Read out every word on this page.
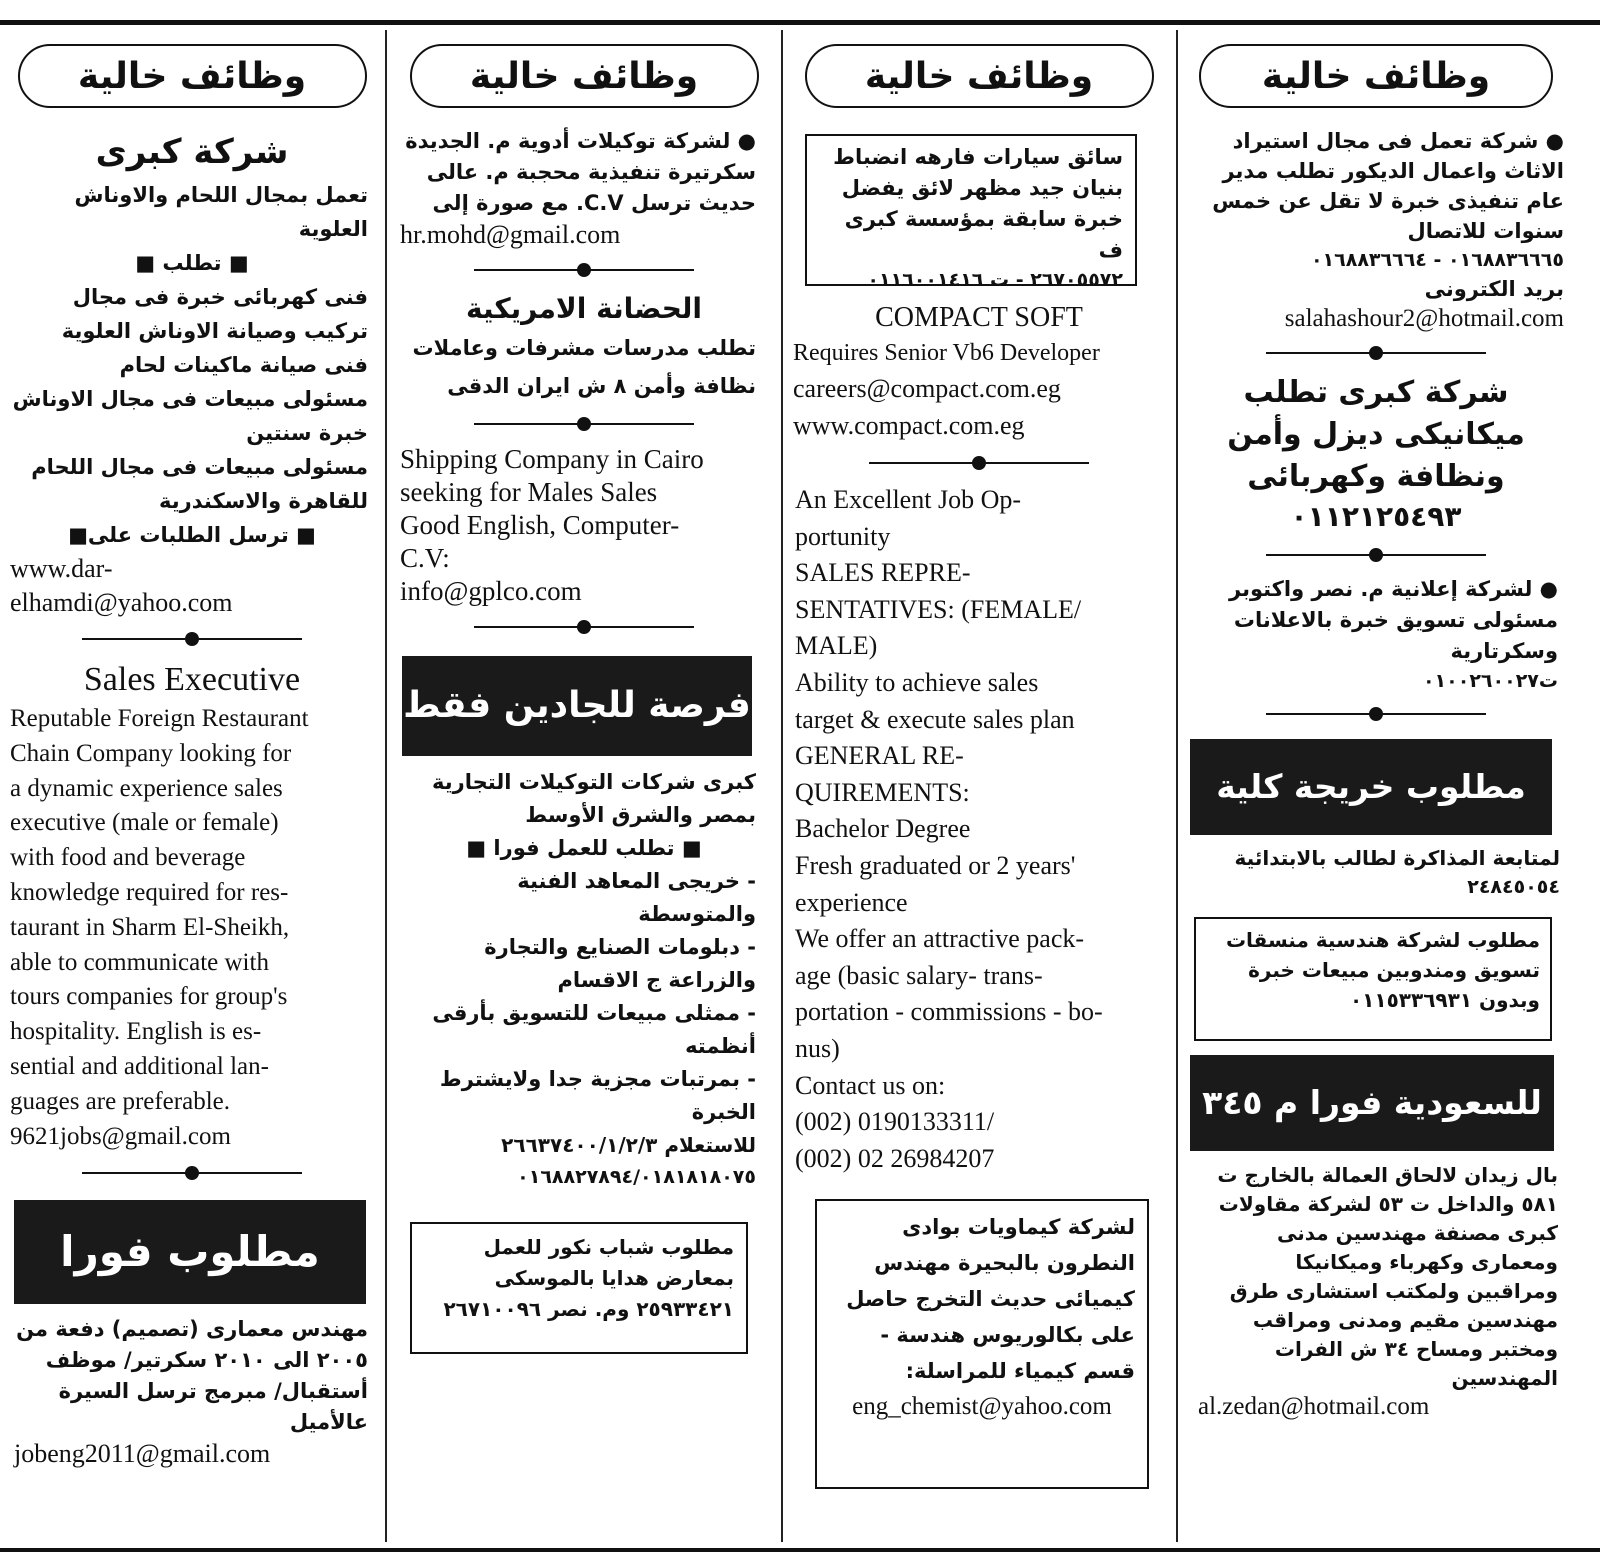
وظائف خالية
● شركة تعمل فى مجال استيراد الاثاث واعمال الديكور تطلب مدير عام تنفيذى خبرة لا تقل عن خمس سنوات للاتصال
٠١٦٨٨٣٦٦٦٥ - ٠١٦٨٨٣٦٦٦٤
بريد الكترونى
salahashour2@hotmail.com
شركة كبرى تطلب ميكانيكى ديزل وأمن ونظافة وكهربائى
٠١١٢١٢٥٤٩٣
● لشركة إعلانية م. نصر واكتوبر مسئولى تسويق خبرة بالاعلانات وسكرتارية
ت٠١٠٠٢٦٠٠٢٧
مطلوب خريجة كلية عملية
لمتابعة المذاكرة لطالب بالابتدائية
٢٤٨٤٥٠٥٤
مطلوب لشركة هندسية منسقات تسويق ومندوبين مبيعات خبرة وبدون ٠١١٥٣٣٦٩٣١
للسعودية فورا م ٣٤٥
بال زيدان لالحاق العمالة بالخارج ت ٥٨١ والداخل ت ٥٣ لشركة مقاولات كبرى مصنفة مهندسين مدنى ومعمارى وكهرباء وميكانيكا ومراقبين ولمكتب استشارى طرق مهندسين مقيم ومدنى ومراقب ومختبر ومساح ٣٤ ش الفرات المهندسين
al.zedan@hotmail.com
وظائف خالية
سائق سيارات فارهه انضباط بنيان جيد مظهر لائق يفضل خبرة سابقة بمؤسسة كبرى ف
٢٦٧٠٥٥٧٢ - ت ٠١١٦٠٠١٤١٦
COMPACT SOFT
Requires Senior Vb6 Developer
careers@compact.com.eg
www.compact.com.eg
An Excellent Job Op-
portunity
SALES REPRE-
SENTATIVES: (FEMALE/
MALE)
Ability to achieve sales
target & execute sales plan
GENERAL RE-
QUIREMENTS:
Bachelor Degree
Fresh graduated or 2 years'
experience
We offer an attractive pack-
age (basic salary- trans-
portation - commissions - bo-
nus)
Contact us on:
(002) 0190133311/
(002) 02 26984207
لشركة كيماويات بوادى النطرون بالبحيرة مهندس كيميائى حديث التخرج حاصل على بكالوريوس هندسة - قسم كيمياء للمراسلة:
eng_chemist@yahoo.com
وظائف خالية
● لشركة توكيلات أدوية م. الجديدة سكرتيرة تنفيذية محجبة م. عالى حديث ترسل C.V. مع صورة إلى
hr.mohd@gmail.com
الحضانة الامريكية
تطلب مدرسات مشرفات وعاملات نظافة وأمن ٨ ش ايران الدقى
Shipping Company in Cairo
seeking for Males Sales
Good English, Computer-
C.V:
info@gplco.com
فرصة للجادين فقط
كبرى شركات التوكيلات التجارية بمصر والشرق الأوسط
■ تطلب للعمل فورا ■
- خريجى المعاهد الفنية والمتوسطة
- دبلومات الصنايع والتجارة والزراعة ج الاقسام
- ممثلى مبيعات للتسويق بأرقى أنظمته
- بمرتبات مجزية جدا ولايشترط الخبرة
للاستعلام ٢٦٦٣٧٤٠٠/١/٢/٣
٠١٦٨٨٢٧٨٩٤/٠١٨١٨١٨٠٧٥
مطلوب شباب نكور للعمل بمعارض هدايا بالموسكى ٢٥٩٣٣٤٢١ وم. نصر ٢٦٧١٠٠٩٦
وظائف خالية
شركة كبرى
تعمل بمجال اللحام والاوناش العلوية
■ تطلب ■
فنى كهربائى خبرة فى مجال تركيب وصيانة الاوناش العلوية
فنى صيانة ماكينات لحام
مسئولى مبيعات فى مجال الاوناش خبرة سنتين
مسئولى مبيعات فى مجال اللحام للقاهرة والاسكندرية
■ ترسل الطلبات على■
www.dar-
elhamdi@yahoo.com
Sales Executive
Reputable Foreign Restaurant
Chain Company looking for
a dynamic experience sales
executive (male or female)
with food and beverage
knowledge required for res-
taurant in Sharm El-Sheikh,
able to communicate with
tours companies for group's
hospitality. English is es-
sential and additional lan-
guages are preferable.
9621jobs@gmail.com
مطلوب فورا
مهندس معمارى (تصميم) دفعة من ٢٠٠٥ الى ٢٠١٠ سكرتير/ موظف أستقبال/ مبرمج ترسل السيرة عالأميل
jobeng2011@gmail.com
